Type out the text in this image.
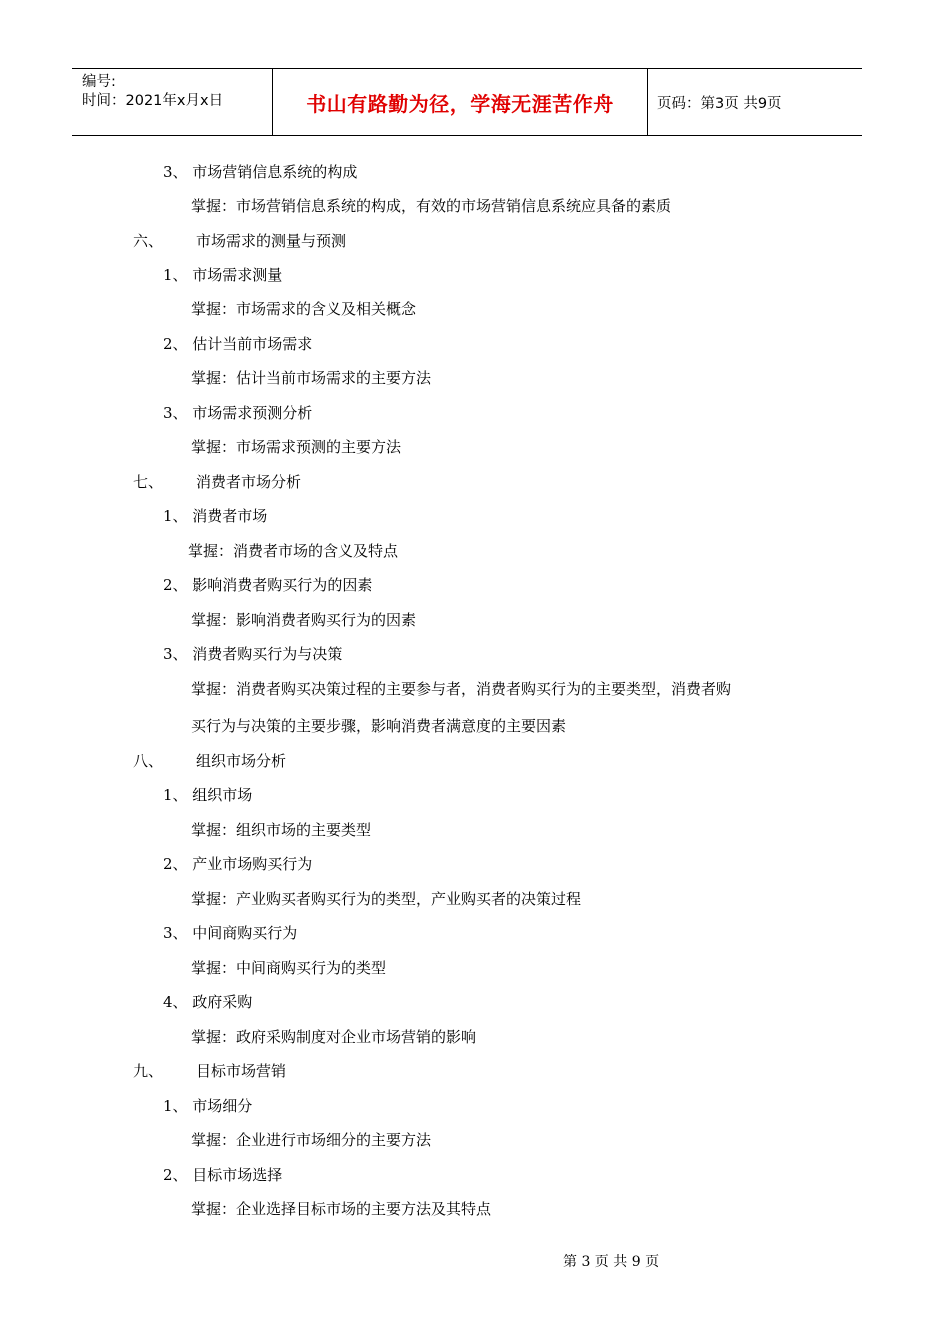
编号:
时间：2021年x月x日	书山有路勤为径，学海无涯苦作舟	页码：第3页 共9页
3、 市场营销信息系统的构成
掌握：市场营销信息系统的构成，有效的市场营销信息系统应具备的素质
六、 市场需求的测量与预测
1、 市场需求测量
掌握：市场需求的含义及相关概念
2、 估计当前市场需求
掌握：估计当前市场需求的主要方法
3、 市场需求预测分析
掌握：市场需求预测的主要方法
七、 消费者市场分析
1、 消费者市场
掌握：消费者市场的含义及特点
2、 影响消费者购买行为的因素
掌握：影响消费者购买行为的因素
3、 消费者购买行为与决策
掌握：消费者购买决策过程的主要参与者，消费者购买行为的主要类型，消费者购
买行为与决策的主要步骤，影响消费者满意度的主要因素
八、 组织市场分析
1、 组织市场
掌握：组织市场的主要类型
2、 产业市场购买行为
掌握：产业购买者购买行为的类型，产业购买者的决策过程
3、 中间商购买行为
掌握：中间商购买行为的类型
4、 政府采购
掌握：政府采购制度对企业市场营销的影响
九、 目标市场营销
1、 市场细分
掌握：企业进行市场细分的主要方法
2、 目标市场选择
掌握：企业选择目标市场的主要方法及其特点
第 3 页 共 9 页
